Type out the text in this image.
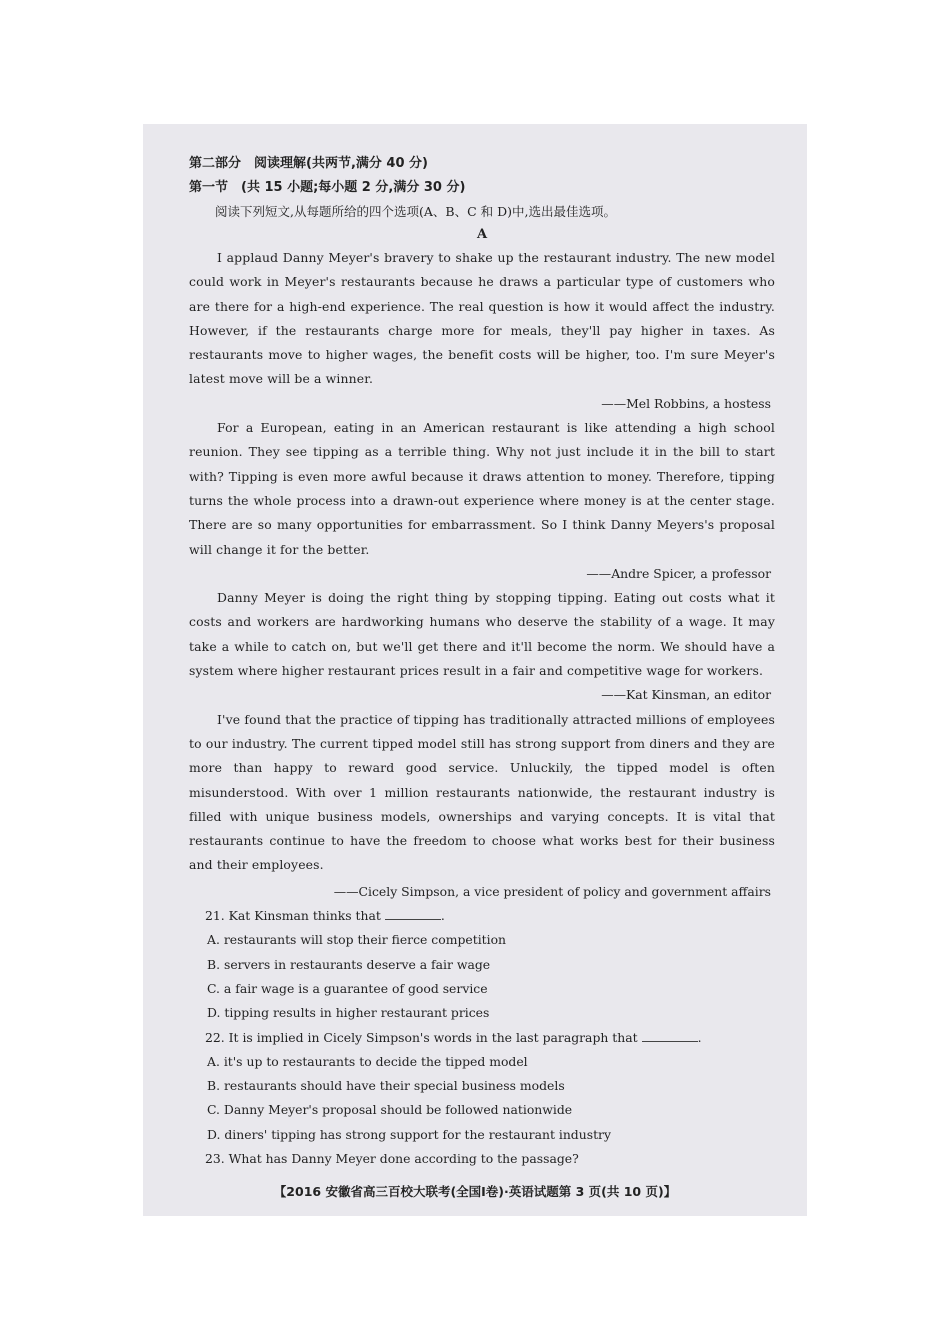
第二部分　阅读理解(共两节,满分 40 分)

第一节　(共 15 小题;每小题 2 分,满分 30 分)

阅读下列短文,从每题所给的四个选项(A、B、C 和 D)中,选出最佳选项。

A

I applaud Danny Meyer's bravery to shake up the restaurant industry. The new model could work in Meyer's restaurants because he draws a particular type of customers who are there for a high-end experience. The real question is how it would affect the industry. However, if the restaurants charge more for meals, they'll pay higher in taxes. As restaurants move to higher wages, the benefit costs will be higher, too. I'm sure Meyer's latest move will be a winner.

——Mel Robbins, a hostess

For a European, eating in an American restaurant is like attending a high school reunion. They see tipping as a terrible thing. Why not just include it in the bill to start with? Tipping is even more awful because it draws attention to money. Therefore, tipping turns the whole process into a drawn-out experience where money is at the center stage. There are so many opportunities for embarrassment. So I think Danny Meyers's proposal will change it for the better.

——Andre Spicer, a professor

Danny Meyer is doing the right thing by stopping tipping. Eating out costs what it costs and workers are hardworking humans who deserve the stability of a wage. It may take a while to catch on, but we'll get there and it'll become the norm. We should have a system where higher restaurant prices result in a fair and competitive wage for workers.

——Kat Kinsman, an editor

I've found that the practice of tipping has traditionally attracted millions of employees to our industry. The current tipped model still has strong support from diners and they are more than happy to reward good service. Unluckily, the tipped model is often misunderstood. With over 1 million restaurants nationwide, the restaurant industry is filled with unique business models, ownerships and varying concepts. It is vital that restaurants continue to have the freedom to choose what works best for their business and their employees.

——Cicely Simpson, a vice president of policy and government affairs

21. Kat Kinsman thinks that	.

A. restaurants will stop their fierce competition

B. servers in restaurants deserve a fair wage

C. a fair wage is a guarantee of good service

D. tipping results in higher restaurant prices

22. It is implied in Cicely Simpson's words in the last paragraph that	.

A. it's up to restaurants to decide the tipped model

B. restaurants should have their special business models

C. Danny Meyer's proposal should be followed nationwide

D. diners' tipping has strong support for the restaurant industry

23. What has Danny Meyer done according to the passage?

【2016 安徽省高三百校大联考(全国Ⅰ卷)·英语试题第 3 页(共 10 页)】
